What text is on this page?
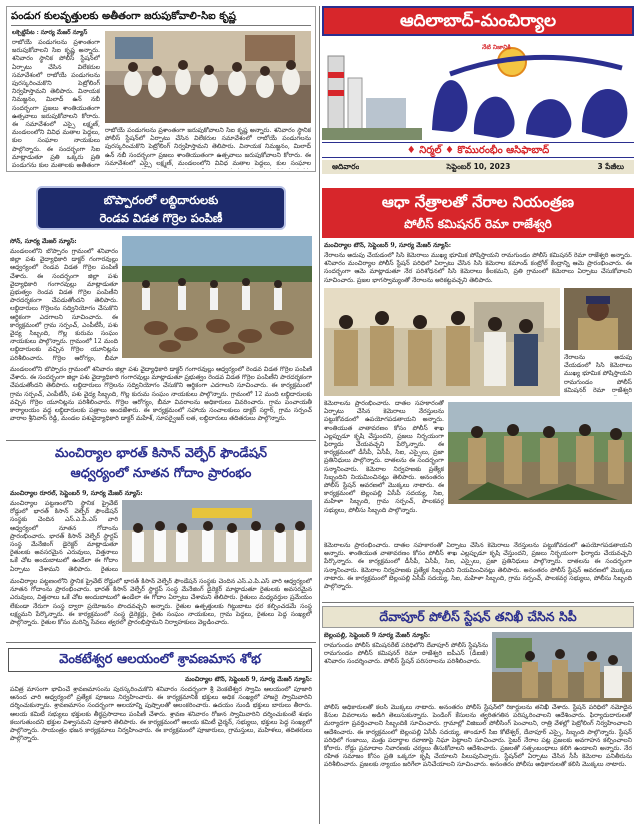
పండుగ కులవృత్తులకు అతీతంగా జరుపుకోవాలి-సిఐ కృష్ణ
లక్సెట్టిపేట : సూర్య మేజర్ న్యూస్
రాబోయే పండుగలను ప్రశాంతంగా జరుపుకోవాలని సిఐ కృష్ణ అన్నారు. శనివారం స్థానిక పోలీస్ స్టేషన్‌లో ఏర్పాటు చేసిన విలేకరుల సమావేశంలో రాబోయే పండుగలను పురస్కరించుకొని పెట్రోలింగ్ నిర్వహిస్తామని తెలిపారు. వినాయక నిమజ్జనం, మిలాద్ ఉన్ నబీ సందర్భంగా ప్రజలు శాంతియుతంగా ఉత్సవాలు జరుపుకోవాలని కోరారు. ఈ సమావేశంలో ఎస్సై లక్ష్మణ్, మండలంలోని వివిధ మతాల పెద్దలు, కుల సంఘాల నాయకులు పాల్గొన్నారు. ఈ సందర్భంగా సిఐ మాట్లాడుతూ ప్రతి ఒక్కరు ప్రతి పండుగను కుల మతాలకు అతీతంగా
రాబోయే పండుగలను ప్రశాంతంగా జరుపుకోవాలని సిఐ కృష్ణ అన్నారు. శనివారం స్థానిక పోలీస్ స్టేషన్‌లో ఏర్పాటు చేసిన విలేకరుల సమావేశంలో రాబోయే పండుగలను పురస్కరించుకొని పెట్రోలింగ్ నిర్వహిస్తామని తెలిపారు. వినాయక నిమజ్జనం, మిలాద్ ఉన్ నబీ సందర్భంగా ప్రజలు శాంతియుతంగా ఉత్సవాలు జరుపుకోవాలని కోరారు. ఈ సమావేశంలో ఎస్సై లక్ష్మణ్, మండలంలోని వివిధ మతాల పెద్దలు, కుల సంఘాల
ఆదిలాబాద్-మంచిర్యాల
నేటి నిజానికి
♦ నిర్మల్ ♦ కొమురంభీం ఆసిఫాబాద్
ఆదివారం	సెప్టెంబర్ 10, 2023	3 పేజీలు
బొప్పారంలో లబ్ధిదారులకు
రెండవ విడత గొర్రెల పంపిణీ
సోన్, సూర్య మేజర్ న్యూస్:
మండలంలోని బొప్పారం గ్రామంలో శనివారం జిల్లా పశు వైద్యాధికారి డాక్టర్ గంగారవుల్లు ఆధ్వర్యంలో రెండవ విడత గొర్రెల పంపిణీ చేశారు. ఈ సందర్భంగా జిల్లా పశు వైద్యాధికారి గంగారవుల్లు మాట్లాడుతూ ప్రభుత్వం రెండవ విడత గొర్రెల పంపిణీని పారదర్శకంగా చేపడుతోందని తెలిపారు. లబ్ధిదారులు గొర్రెలను సద్వినియోగం చేసుకొని ఆర్థికంగా ఎదగాలని సూచించారు. ఈ కార్యక్రమంలో గ్రామ సర్పంచ్, ఎంపీటీసీ, పశు వైద్య సిబ్బంది, గొల్ల కురుమ సంఘం నాయకులు పాల్గొన్నారు. గ్రామంలో 12 మంది లబ్ధిదారులకు వచ్చిన గొర్రెల యూనిట్లను పరిశీలించారు. గొర్రెల ఆరోగ్యం, బీమా
మండలంలోని బొప్పారం గ్రామంలో శనివారం జిల్లా పశు వైద్యాధికారి డాక్టర్ గంగారవుల్లు ఆధ్వర్యంలో రెండవ విడత గొర్రెల పంపిణీ చేశారు. ఈ సందర్భంగా జిల్లా పశు వైద్యాధికారి గంగారవుల్లు మాట్లాడుతూ ప్రభుత్వం రెండవ విడత గొర్రెల పంపిణీని పారదర్శకంగా చేపడుతోందని తెలిపారు. లబ్ధిదారులు గొర్రెలను సద్వినియోగం చేసుకొని ఆర్థికంగా ఎదగాలని సూచించారు. ఈ కార్యక్రమంలో గ్రామ సర్పంచ్, ఎంపీటీసీ, పశు వైద్య సిబ్బంది, గొల్ల కురుమ సంఘం నాయకులు పాల్గొన్నారు. గ్రామంలో 12 మంది లబ్ధిదారులకు వచ్చిన గొర్రెల యూనిట్లను పరిశీలించారు. గొర్రెల ఆరోగ్యం, బీమా వివరాలను అధికారులు వివరించారు. గ్రామ పంచాయతీ కార్యాలయం వద్ద లబ్ధిదారులకు పత్రాలు అందజేశారు. ఈ కార్యక్రమంలో సహాయ సంచాలకులు డాక్టర్ సర్దార్, గ్రామ సర్పంచ్ వారాల శ్రీనివాస్ రెడ్డి, మండల పశువైద్యాధికారి డాక్టర్ మహేశ్, సూపర్వైజర్ లత, లబ్ధిదారులు తదితరులు పాల్గొన్నారు.
మంచిర్యాల భారత్ కిసాన్ వెల్ఫేర్ ఫౌండేషన్
ఆధ్వర్యంలో నూతన గోదాం ప్రారంభం
మంచిర్యాల రూరల్, సెప్టెంబర్ 9, సూర్య మేజర్ న్యూస్:
మంచిర్యాల పట్టణంలోని స్థానిక ప్రైవేట్ రోడ్డులో భారత్ కిసాన్ వెల్ఫేర్ ఫౌండేషన్ సంస్థకు చెందిన ఎస్.ఎ.పి.ఎస్ వారి ఆధ్వర్యంలో నూతన గోదాంను ప్రారంభించారు. భారత్ కిసాన్ వెల్ఫేర్ స్టార్టప్ సంస్థ మేనేజింగ్ డైరెక్టర్ మాట్లాడుతూ రైతులకు అవసరమైన ఎరువులు, విత్తనాలు ఒకే చోట అందుబాటులో ఉండేలా ఈ గోదాం ఏర్పాటు చేశామని తెలిపారు. రైతులు
మంచిర్యాల పట్టణంలోని స్థానిక ప్రైవేట్ రోడ్డులో భారత్ కిసాన్ వెల్ఫేర్ ఫౌండేషన్ సంస్థకు చెందిన ఎస్.ఎ.పి.ఎస్ వారి ఆధ్వర్యంలో నూతన గోదాంను ప్రారంభించారు. భారత్ కిసాన్ వెల్ఫేర్ స్టార్టప్ సంస్థ మేనేజింగ్ డైరెక్టర్ మాట్లాడుతూ రైతులకు అవసరమైన ఎరువులు, విత్తనాలు ఒకే చోట అందుబాటులో ఉండేలా ఈ గోదాం ఏర్పాటు చేశామని తెలిపారు. రైతులు మధ్యవర్తుల ప్రమేయం లేకుండా నేరుగా సంస్థ ద్వారా ప్రయోజనం పొందవచ్చని అన్నారు. రైతుల ఉత్పత్తులకు గిట్టుబాటు ధర కల్పించడమే సంస్థ లక్ష్యమని పేర్కొన్నారు. ఈ కార్యక్రమంలో సంస్థ డైరెక్టర్లు, రైతు సంఘం నాయకులు, గ్రామ పెద్దలు, రైతులు పెద్ద సంఖ్యలో పాల్గొన్నారు. రైతుల కోసం మరిన్ని సేవలు త్వరలో ప్రారంభిస్తామని నిర్వాహకులు వెల్లడించారు.
వెంకటేశ్వర ఆలయంలో శ్రావణమాస శోభ
మంచిర్యాల టౌన్, సెప్టెంబర్ 9, సూర్య మేజర్ న్యూస్:
పవిత్ర మాసంగా భావించే శ్రావణమాసంను పురస్కరించుకొని శనివారం సందర్భంగా శ్రీ వెంకటేశ్వర స్వామి ఆలయంలో పూజారి ఆనంద చారి ఆధ్వర్యంలో ప్రత్యేక పూజలు నిర్వహించారు. ఈ కార్యక్రమానికి భక్తులు అధిక సంఖ్యలో హాజరై స్వామివారిని దర్శించుకున్నారు. శ్రావణమాసం సందర్భంగా ఆలయాన్ని పుష్పాలతో అలంకరించారు. ఉదయం నుండి భక్తులు బారులు తీరారు. ఆలయ కమిటీ సభ్యులు భక్తులకు తీర్థప్రసాదాలు పంపిణీ చేశారు. శ్రావణ శనివారం రోజున స్వామివారిని దర్శించుకుంటే శుభం కలుగుతుందని భక్తుల విశ్వాసమని పూజారి తెలిపారు. ఈ కార్యక్రమంలో ఆలయ కమిటీ చైర్మన్, సభ్యులు, భక్తులు పెద్ద సంఖ్యలో పాల్గొన్నారు. సాయంత్రం భజన కార్యక్రమాలు నిర్వహించారు. ఈ కార్యక్రమంలో పూజారులు, గ్రామస్తులు, మహిళలు, తదితరులు పాల్గొన్నారు.
ఆధా నేత్రాలతో నేరాల నియంత్రణ
పోలీస్ కమిషనర్ రెమా రాజేశ్వరి
మంచిర్యాల టౌన్, సెప్టెంబర్ 9, సూర్య మేజర్ న్యూస్:
నేరాలను అదుపు చేయడంలో సిసి కెమెరాలు ముఖ్య భూమిక పోషిస్తాయని రామగుండం పోలీస్ కమిషనర్ రెమా రాజేశ్వరి అన్నారు. శనివారం మంచిర్యాల పోలీస్ స్టేషన్ పరిధిలో ఏర్పాటు చేసిన సిసి కెమెరాల కమాండ్ కంట్రోల్ కేంద్రాన్ని ఆమె ప్రారంభించారు. ఈ సందర్భంగా ఆమె మాట్లాడుతూ నేర పరిశోధనలో సిసి కెమెరాలు కీలకమని, ప్రతి గ్రామంలో కెమెరాలు ఏర్పాటు చేసుకోవాలని సూచించారు. ప్రజల భాగస్వామ్యంతో నేరాలను అరికట్టవచ్చని తెలిపారు.
నేరాలను అదుపు చేయడంలో సిసి కెమెరాలు ముఖ్య భూమిక పోషిస్తాయని రామగుండం పోలీస్ కమిషనర్ రెమా రాజేశ్వరి
కెమెరాలను ప్రారంభించారు. దాతల సహకారంతో ఏర్పాటు చేసిన కెమెరాలు నేరస్తులను పట్టుకోవడంలో ఉపయోగపడతాయని అన్నారు. శాంతియుత వాతావరణం కోసం పోలీస్ శాఖ ఎల్లప్పుడూ కృషి చేస్తుందని, ప్రజలు నిర్భయంగా ఫిర్యాదు చేయవచ్చని పేర్కొన్నారు. ఈ కార్యక్రమంలో డీసీపీ, ఏసీపీ, సిఐ, ఎస్సైలు, ప్రజా ప్రతినిధులు పాల్గొన్నారు. దాతలను ఈ సందర్భంగా సన్మానించారు. కెమెరాల నిర్వహణకు ప్రత్యేక సిబ్బందిని నియమించినట్లు తెలిపారు. అనంతరం పోలీస్ స్టేషన్ ఆవరణలో మొక్కలు నాటారు. ఈ కార్యక్రమంలో బెల్లంపల్లి ఏసీపీ సదయ్య, సిఐ, మహిళా సిబ్బంది, గ్రామ సర్పంచ్, పాలకవర్గ సభ్యులు, పోలీసు సిబ్బంది పాల్గొన్నారు.
కెమెరాలను ప్రారంభించారు. దాతల సహకారంతో ఏర్పాటు చేసిన కెమెరాలు నేరస్తులను పట్టుకోవడంలో ఉపయోగపడతాయని అన్నారు. శాంతియుత వాతావరణం కోసం పోలీస్ శాఖ ఎల్లప్పుడూ కృషి చేస్తుందని, ప్రజలు నిర్భయంగా ఫిర్యాదు చేయవచ్చని పేర్కొన్నారు. ఈ కార్యక్రమంలో డీసీపీ, ఏసీపీ, సిఐ, ఎస్సైలు, ప్రజా ప్రతినిధులు పాల్గొన్నారు. దాతలను ఈ సందర్భంగా సన్మానించారు. కెమెరాల నిర్వహణకు ప్రత్యేక సిబ్బందిని నియమించినట్లు తెలిపారు. అనంతరం పోలీస్ స్టేషన్ ఆవరణలో మొక్కలు నాటారు. ఈ కార్యక్రమంలో బెల్లంపల్లి ఏసీపీ సదయ్య, సిఐ, మహిళా సిబ్బంది, గ్రామ సర్పంచ్, పాలకవర్గ సభ్యులు, పోలీసు సిబ్బంది పాల్గొన్నారు.
దేవాపూర్ పోలీస్ స్టేషన్ తనిఖీ చేసిన సిపీ
బెల్లంపల్లి, సెప్టెంబర్ 9 సూర్య మేజర్ న్యూస్:
రామగుండం పోలీస్ కమిషనరేట్ పరిధిలోని దేవాపూర్ పోలీస్ స్టేషన్‌ను రామగుండం పోలీస్ కమిషనర్ రెమా రాజేశ్వరి ఐపీఎస్ (డీఐజీ) శనివారం సందర్శించారు. పోలీస్ స్టేషన్ పరిసరాలను పరిశీలించారు.
పోలీస్ అధికారులతో కలసి మొక్కలు నాటారు. అనంతరం పోలీస్ స్టేషన్‌లో రికార్డులను తనిఖీ చేశారు. స్టేషన్ పరిధిలో నమోదైన కేసుల వివరాలను అడిగి తెలుసుకున్నారు. పెండింగ్ కేసులను త్వరితగతిన పరిష్కరించాలని ఆదేశించారు. ఫిర్యాదుదారులతో మర్యాదగా ప్రవర్తించాలని సిబ్బందికి సూచించారు. గ్రామాల్లో విజిబుల్ పోలీసింగ్ పెంచాలని, రాత్రి వేళల్లో పెట్రోలింగ్ నిర్వహించాలని ఆదేశించారు. ఈ కార్యక్రమంలో బెల్లంపల్లి ఏసీపీ సదయ్య, తాండూర్ సిఐ కోటేశ్వర్, దేవాపూర్ ఎస్సై, సిబ్బంది పాల్గొన్నారు. స్టేషన్ పరిధిలో గంజాయి, మత్తు పదార్థాల రవాణాపై నిఘా పెట్టాలని సూచించారు. సైబర్ నేరాల పట్ల ప్రజలకు అవగాహన కల్పించాలని కోరారు. రోడ్డు ప్రమాదాల నివారణకు చర్యలు తీసుకోవాలని ఆదేశించారు. ప్రజలతో సత్సంబంధాలు కలిగి ఉండాలని అన్నారు. నేర రహిత సమాజం కోసం ప్రతి ఒక్కరూ కృషి చేయాలని పిలుపునిచ్చారు. స్టేషన్‌లో ఏర్పాటు చేసిన సీసీ కెమెరాల పనితీరును పరిశీలించారు. ప్రజలకు న్యాయం జరిగేలా పనిచేయాలని సూచించారు. అనంతరం పోలీసు అధికారులతో కలిసి మొక్కలు నాటారు.
